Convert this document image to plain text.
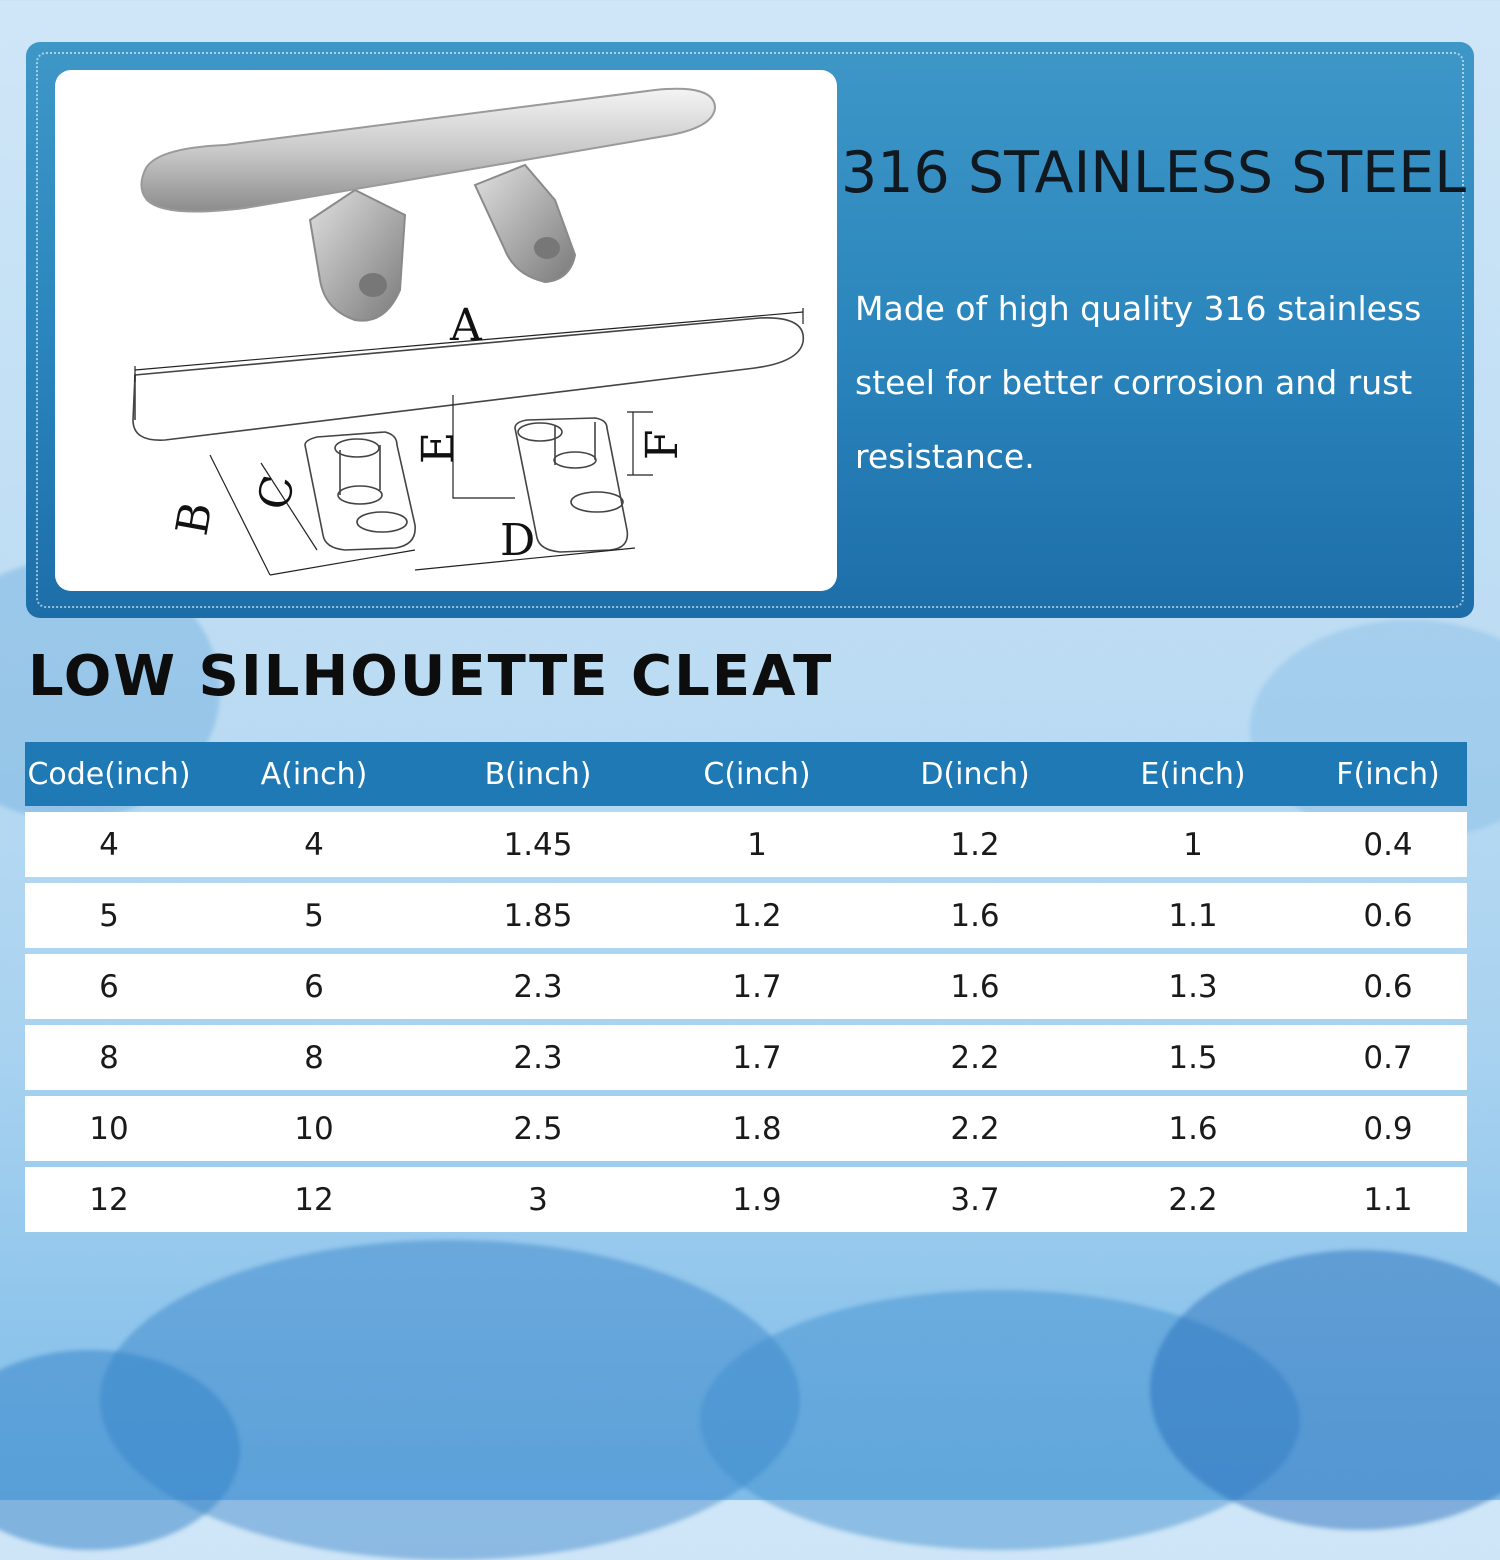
A
B
C
D
E	F
316 STAINLESS STEEL
Made of high quality 316 stainless steel for better corrosion and rust resistance.
LOW SILHOUETTE CLEAT
Code(inch)	A(inch)	B(inch)	C(inch)	D(inch)	E(inch)	F(inch)
4	4	1.45	1	1.2	1	0.4
5	5	1.85	1.2	1.6	1.1	0.6
6	6	2.3	1.7	1.6	1.3	0.6
8	8	2.3	1.7	2.2	1.5	0.7
10	10	2.5	1.8	2.2	1.6	0.9
12	12	3	1.9	3.7	2.2	1.1
